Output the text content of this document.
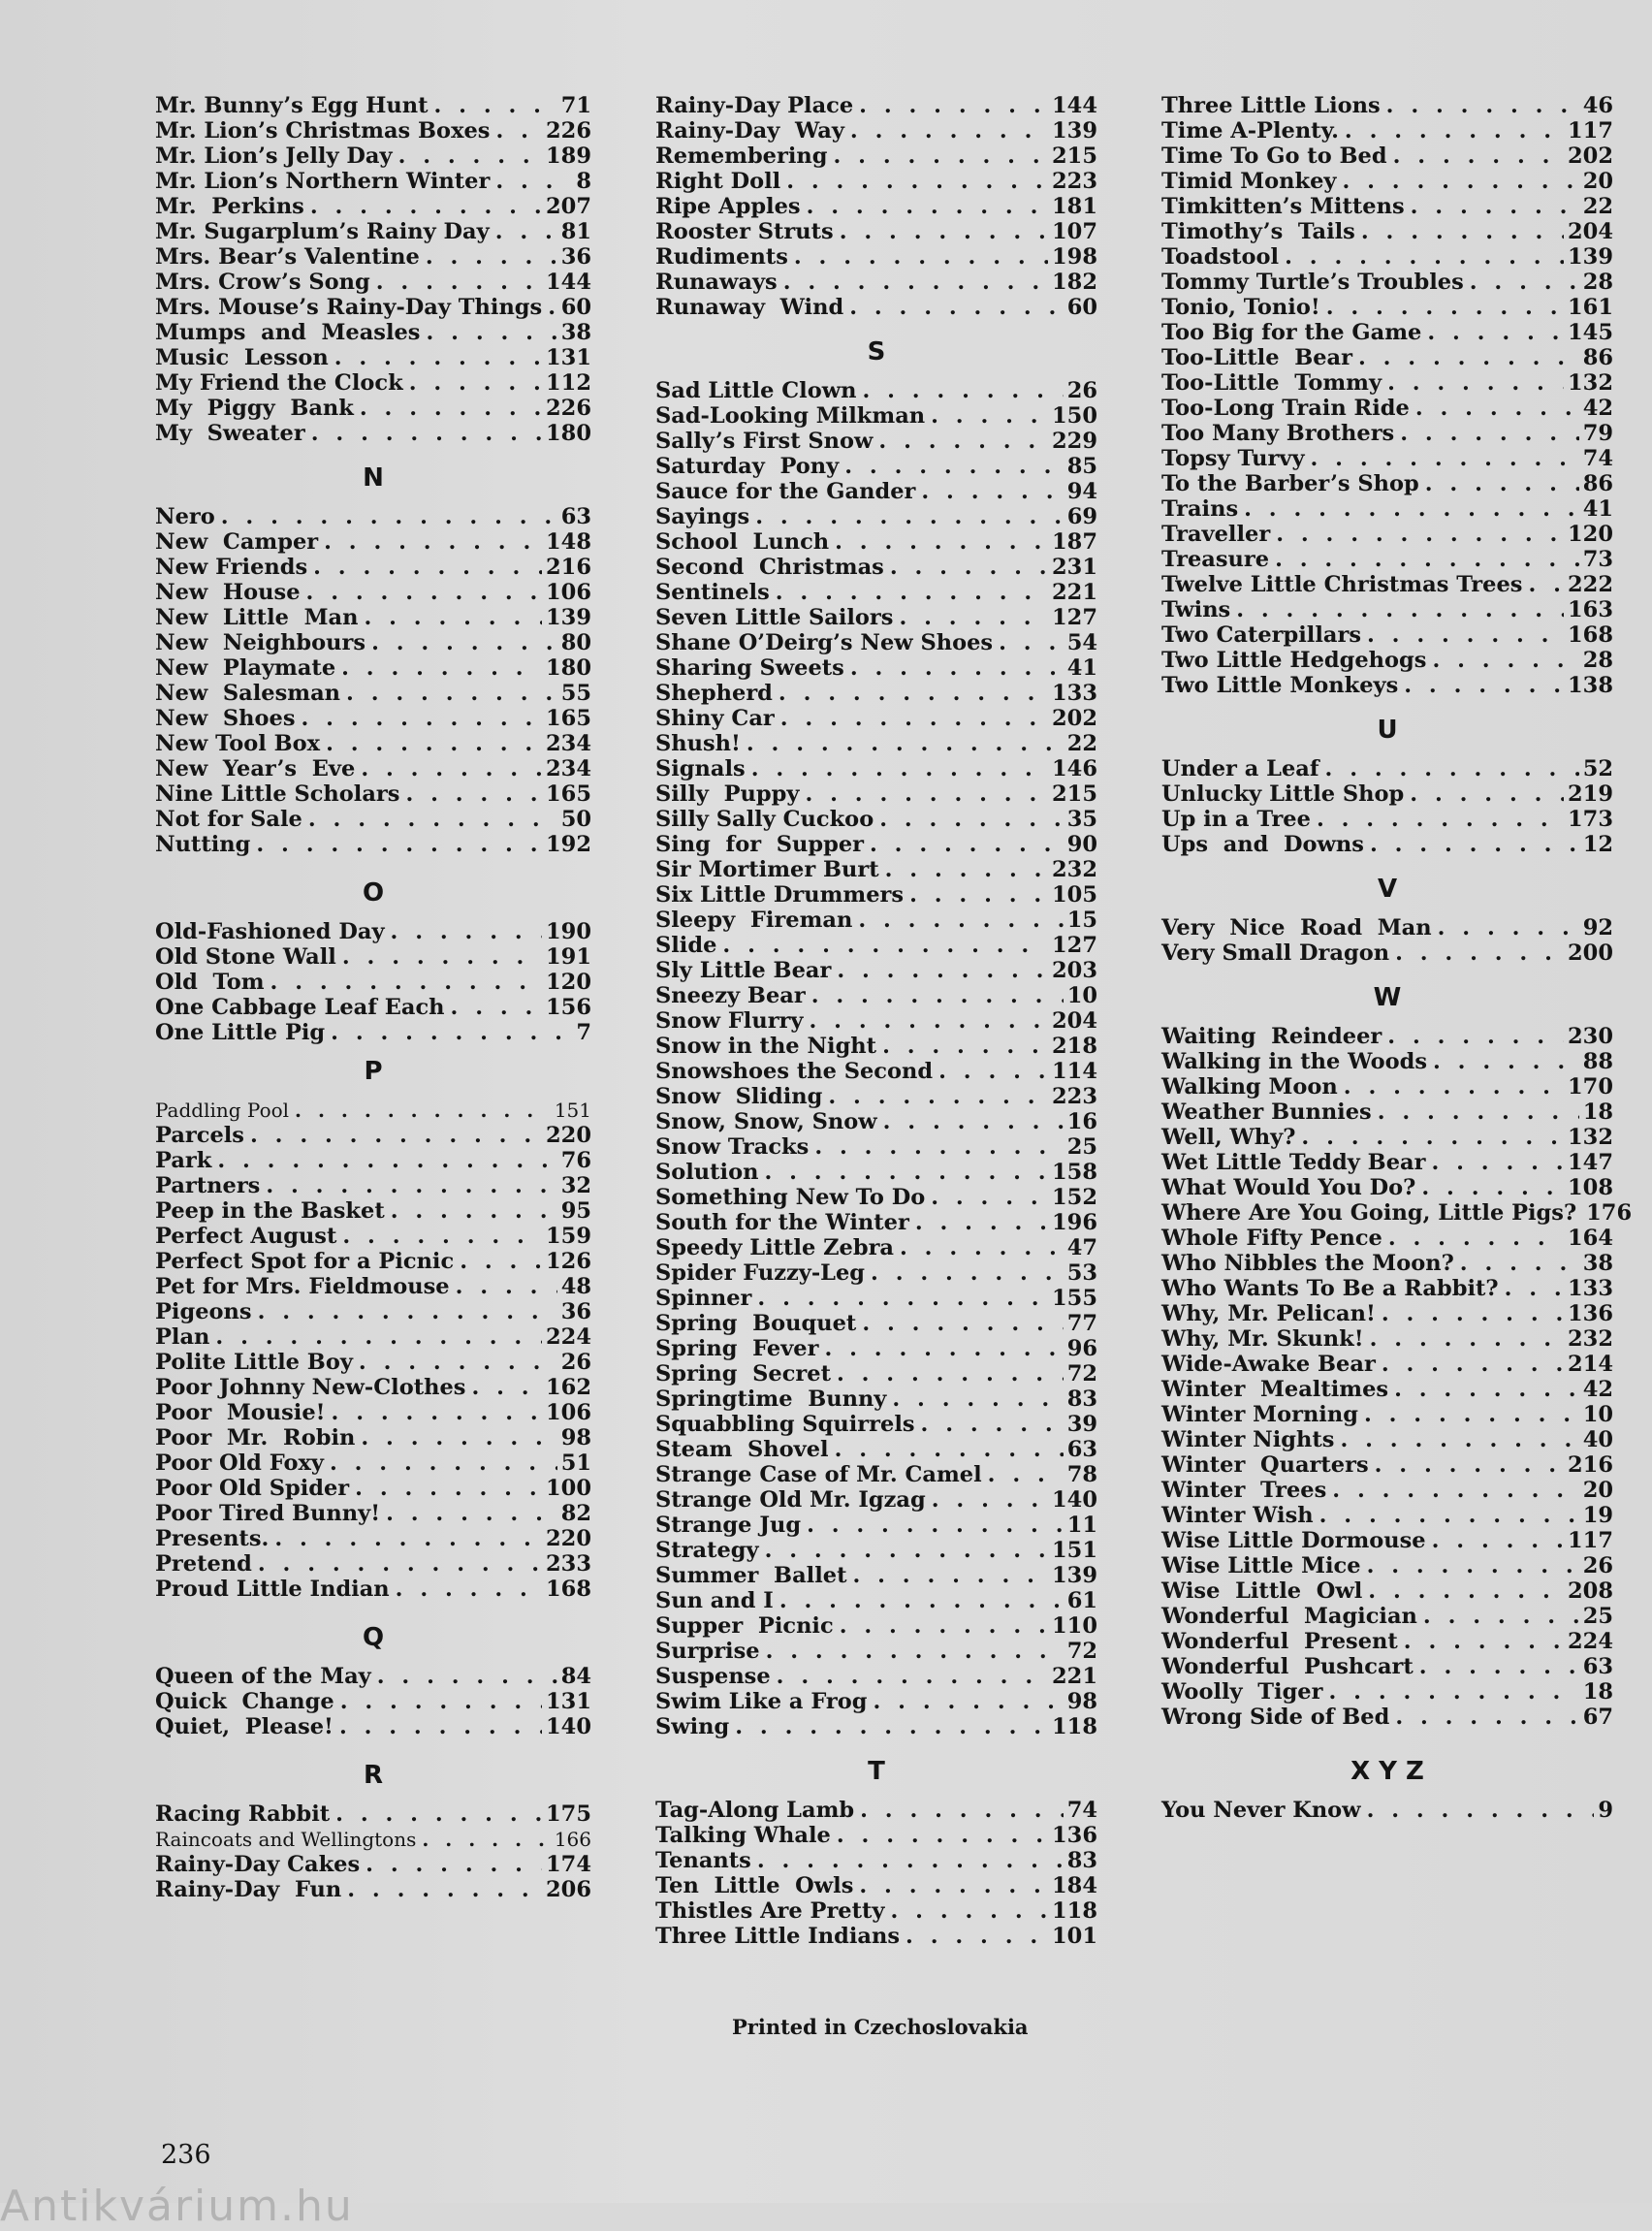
Mr. Bunny’s Egg Hunt . . .	71
Mr. Lion’s Christmas Boxes . . .	226
Mr. Lion’s Jelly Day . . .	189
Mr. Lion’s Northern Winter . . .	8
Mr.  Perkins . . .	207
Mr. Sugarplum’s Rainy Day . . .	81
Mrs. Bear’s Valentine . . .	36
Mrs. Crow’s Song . . .	144
Mrs. Mouse’s Rainy-Day Things . . . 60
Mumps  and  Measles . . .	38
Music  Lesson . . .	131
My Friend the Clock . . .	112
My  Piggy  Bank . . .	226
My  Sweater . . .	180
N
Nero . . .	63
New  Camper . . .	148
New Friends . . .	216
New  House . . .	106
New  Little  Man . . .	139
New  Neighbours . . .	80
New  Playmate . . .	180
New  Salesman . . .	55
New  Shoes . . .	165
New Tool Box . . .	234
New  Year’s  Eve . . .	234
Nine Little Scholars . . .	165
Not for Sale . . .	50
Nutting . . .	192
O
Old-Fashioned Day . . .	190
Old Stone Wall . . .	191
Old  Tom . . .	120
One Cabbage Leaf Each . . .	156
One Little Pig . . .	7
P
Paddling Pool . . .	151
Parcels . . .	220
Park . . .	76
Partners . . .	32
Peep in the Basket . . .	95
Perfect August . . .	159
Perfect Spot for a Picnic . . .	126
Pet for Mrs. Fieldmouse . . .	48
Pigeons . . .	36
Plan . . .	224
Polite Little Boy . . .	26
Poor Johnny New-Clothes . . .	162
Poor  Mousie! . . .	106
Poor  Mr.  Robin . . .	98
Poor Old Foxy . . .	51
Poor Old Spider . . .	100
Poor Tired Bunny! . . .	82
Presents. . . .	220
Pretend . . .	233
Proud Little Indian . . .	168
Q
Queen of the May . . .	84
Quick  Change . . .	131
Quiet,  Please! . . .	140
R
Racing Rabbit . . .	175
Raincoats and Wellingtons . . .	166
Rainy-Day Cakes . . .	174
Rainy-Day  Fun . . .	206
Rainy-Day Place . . .	144
Rainy-Day  Way . . .	139
Remembering . . .	215
Right Doll . . .	223
Ripe Apples . . .	181
Rooster Struts . . .	107
Rudiments . . .	198
Runaways . . .	182
Runaway  Wind . . .	60
S
Sad Little Clown . . .	26
Sad-Looking Milkman . . .	150
Sally’s First Snow . . .	229
Saturday  Pony . . .	85
Sauce for the Gander . . .	94
Sayings . . .	69
School  Lunch . . .	187
Second  Christmas . . .	231
Sentinels . . .	221
Seven Little Sailors . . .	127
Shane O’Deirg’s New Shoes . . .	54
Sharing Sweets . . .	41
Shepherd . . .	133
Shiny Car . . .	202
Shush! . . .	22
Signals . . .	146
Silly  Puppy . . .	215
Silly Sally Cuckoo . . .	35
Sing  for  Supper . . .	90
Sir Mortimer Burt . . .	232
Six Little Drummers . . .	105
Sleepy  Fireman . . .	15
Slide . . .	127
Sly Little Bear . . .	203
Sneezy Bear . . .	10
Snow Flurry . . .	204
Snow in the Night . . .	218
Snowshoes the Second . . .	114
Snow  Sliding . . .	223
Snow, Snow, Snow . . .	16
Snow Tracks . . .	25
Solution . . .	158
Something New To Do . . .	152
South for the Winter . . .	196
Speedy Little Zebra . . .	47
Spider Fuzzy-Leg . . .	53
Spinner . . .	155
Spring  Bouquet . . .	77
Spring  Fever . . .	96
Spring  Secret . . .	72
Springtime  Bunny . . .	83
Squabbling Squirrels . . .	39
Steam  Shovel . . .	63
Strange Case of Mr. Camel . . .	78
Strange Old Mr. Igzag . . .	140
Strange Jug . . .	11
Strategy . . .	151
Summer  Ballet . . .	139
Sun and I . . .	61
Supper  Picnic . . .	110
Surprise . . .	72
Suspense . . .	221
Swim Like a Frog . . .	98
Swing . . .	118
T
Tag-Along Lamb . . .	74
Talking Whale . . .	136
Tenants . . .	83
Ten  Little  Owls . . .	184
Thistles Are Pretty . . .	118
Three Little Indians . . .	101
Three Little Lions . . .	46
Time A-Plenty. . . .	117
Time To Go to Bed . . .	202
Timid Monkey . . .	20
Timkitten’s Mittens . . .	22
Timothy’s  Tails . . .	204
Toadstool . . .	139
Tommy Turtle’s Troubles . . .	28
Tonio, Tonio! . . .	161
Too Big for the Game . . .	145
Too-Little  Bear . . .	86
Too-Little  Tommy . . .	132
Too-Long Train Ride . . .	42
Too Many Brothers . . .	79
Topsy Turvy . . .	74
To the Barber’s Shop . . .	86
Trains . . .	41
Traveller . . .	120
Treasure . . .	73
Twelve Little Christmas Trees . . . 222
Twins . . .	163
Two Caterpillars . . .	168
Two Little Hedgehogs . . .	28
Two Little Monkeys . . .	138
U
Under a Leaf . . .	52
Unlucky Little Shop . . .	219
Up in a Tree . . .	173
Ups  and  Downs . . .	12
V
Very  Nice  Road  Man . . .	92
Very Small Dragon . . .	200
W
Waiting  Reindeer . . .	230
Walking in the Woods . . .	88
Walking Moon . . .	170
Weather Bunnies . . .	18
Well, Why? . . .	132
Wet Little Teddy Bear . . .	147
What Would You Do? . . .	108
Where Are You Going, Little Pigs? . . . 176
Whole Fifty Pence . . .	164
Who Nibbles the Moon? . . .	38
Who Wants To Be a Rabbit? . . .	133
Why, Mr. Pelican! . . .	136
Why, Mr. Skunk! . . .	232
Wide-Awake Bear . . .	214
Winter  Mealtimes . . .	42
Winter Morning . . .	10
Winter Nights . . .	40
Winter  Quarters . . .	216
Winter  Trees . . .	20
Winter Wish . . .	19
Wise Little Dormouse . . .	117
Wise Little Mice . . .	26
Wise  Little  Owl . . .	208
Wonderful  Magician . . .	25
Wonderful  Present . . .	224
Wonderful  Pushcart . . .	63
Woolly  Tiger . . .	18
Wrong Side of Bed . . .	67
X Y Z
You Never Know . . .	9
Printed in Czechoslovakia
236
Antikvárium.hu
